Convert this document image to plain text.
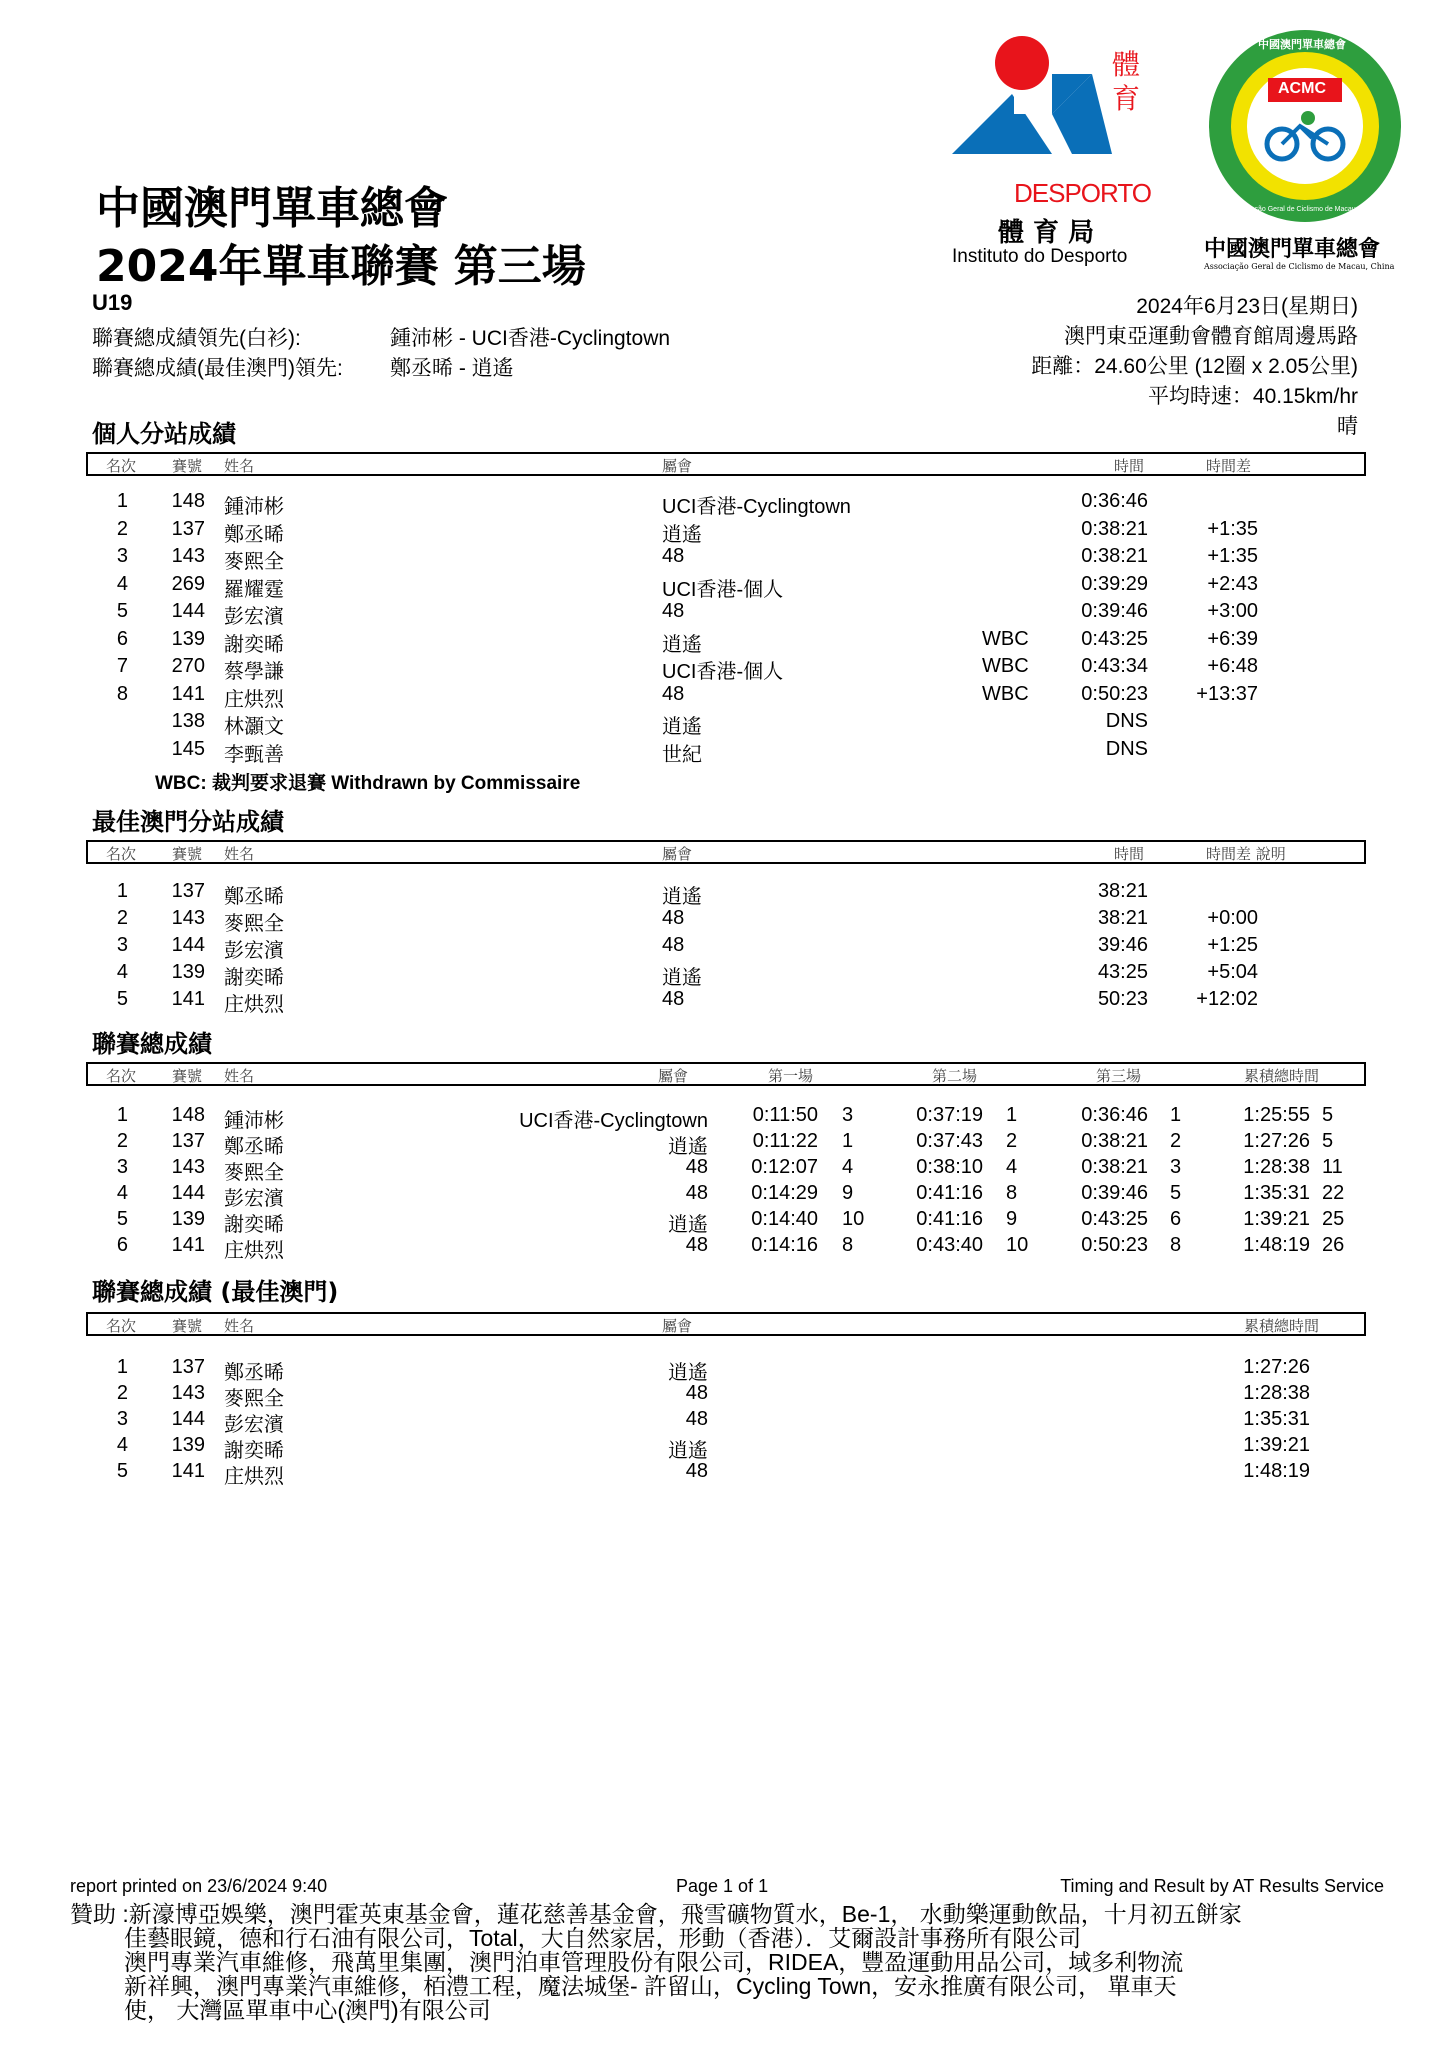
體育
DESPORTO
體 育 局
Instituto do Desporto
ACMC
中國澳門單車總會
Associação Geral de Ciclismo de Macau, China
中國澳門單車總會
Associação Geral de Ciclismo de Macau, China
中國澳門單車總會
2024年單車聯賽 第三場
U19
聯賽總成績領先(白衫):	鍾沛彬 - UCI香港-Cyclingtown
聯賽總成績(最佳澳門)領先: 鄭丞晞 - 逍遙
2024年6月23日(星期日)
澳門東亞運動會體育館周邊馬路
距離：24.60公里 (12圈 x 2.05公里)
平均時速：40.15km/hr
晴
個人分站成績
名次 賽號 姓名	屬會	時間	時間差
1 148 鍾沛彬	UCI香港-Cyclingtown	0:36:46
2 137 鄭丞晞	逍遙	0:38:21	+1:35
3 143 麥熙全	48	0:38:21	+1:35
4 269 羅耀霆	UCI香港-個人	0:39:29	+2:43
5 144 彭宏濱	48	0:39:46	+3:00
6 139 謝奕晞	逍遙	WBC	0:43:25	+6:39
7 270 蔡學謙	UCI香港-個人	WBC	0:43:34	+6:48
8 141 庄烘烈	48	WBC	0:50:23 +13:37
138 林灝文	逍遙	DNS
145 李甄善	世紀	DNS
WBC: 裁判要求退賽 Withdrawn by Commissaire
最佳澳門分站成績
名次 賽號 姓名	屬會	時間	時間差 說明
1 137 鄭丞晞	逍遙	38:21
2 143 麥熙全	48	38:21	+0:00
3 144 彭宏濱	48	39:46	+1:25
4 139 謝奕晞	逍遙	43:25	+5:04
5 141 庄烘烈	48	50:23 +12:02
聯賽總成績
名次 賽號 姓名	屬會	第一場	第二場	第三場	累積總時間
1 148 鍾沛彬	UCI香港-Cyclingtown 0:11:50 3	0:37:19 1	0:36:46 1	1:25:55 5
2 137 鄭丞晞	逍遙 0:11:22 1	0:37:43 2	0:38:21 2	1:27:26 5
3 143 麥熙全	48 0:12:07 4	0:38:10 4	0:38:21 3	1:28:38 11
4 144 彭宏濱	48 0:14:29 9	0:41:16 8	0:39:46 5	1:35:31 22
5 139 謝奕晞	逍遙 0:14:40 10	0:41:16 9	0:43:25 6	1:39:21 25
6 141 庄烘烈	48 0:14:16 8	0:43:40 10	0:50:23 8	1:48:19 26
聯賽總成績 (最佳澳門)
名次 賽號 姓名	屬會	累積總時間
1 137 鄭丞晞	逍遙	1:27:26
2 143 麥熙全	48	1:28:38
3 144 彭宏濱	48	1:35:31
4 139 謝奕晞	逍遙	1:39:21
5 141 庄烘烈	48	1:48:19
report printed on 23/6/2024 9:40	Page 1 of 1	Timing and Result by AT Results Service
贊助 :新濠博亞娛樂，澳門霍英東基金會，蓮花慈善基金會，飛雪礦物質水，Be-1， 水動樂運動飲品，十月初五餅家
佳藝眼鏡，德和行石油有限公司，Total，大自然家居，形動（香港）．艾爾設計事務所有限公司
澳門專業汽車維修，飛萬里集團，澳門泊車管理股份有限公司，RIDEA，豐盈運動用品公司，域多利物流
新祥興，澳門專業汽車維修，栢澧工程，魔法城堡- 許留山，Cycling Town，安永推廣有限公司， 單車天
使， 大灣區單車中心(澳門)有限公司
